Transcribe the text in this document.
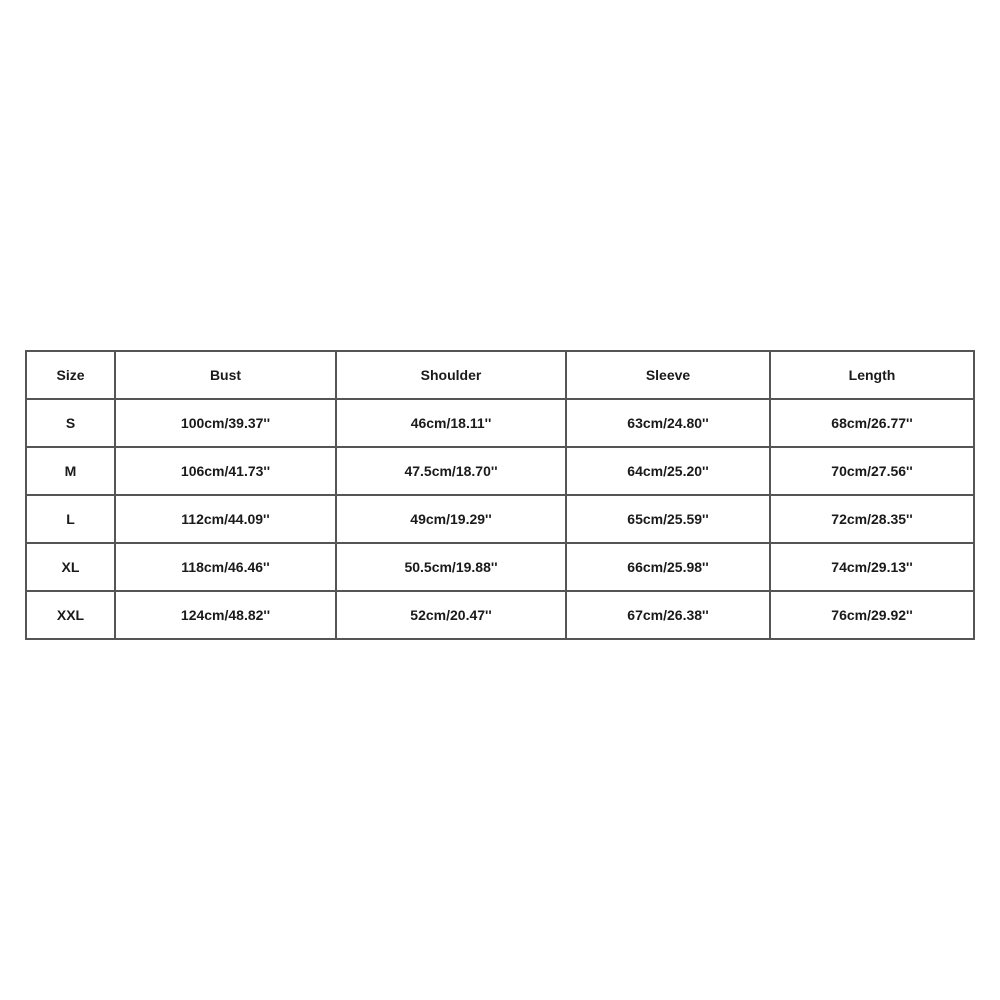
Size	Bust	Shoulder	Sleeve	Length
S	100cm/39.37''	46cm/18.11''	63cm/24.80''	68cm/26.77''
M	106cm/41.73''	47.5cm/18.70''	64cm/25.20''	70cm/27.56''
L	112cm/44.09''	49cm/19.29''	65cm/25.59''	72cm/28.35''
XL	118cm/46.46''	50.5cm/19.88''	66cm/25.98''	74cm/29.13''
XXL	124cm/48.82''	52cm/20.47''	67cm/26.38''	76cm/29.92''
